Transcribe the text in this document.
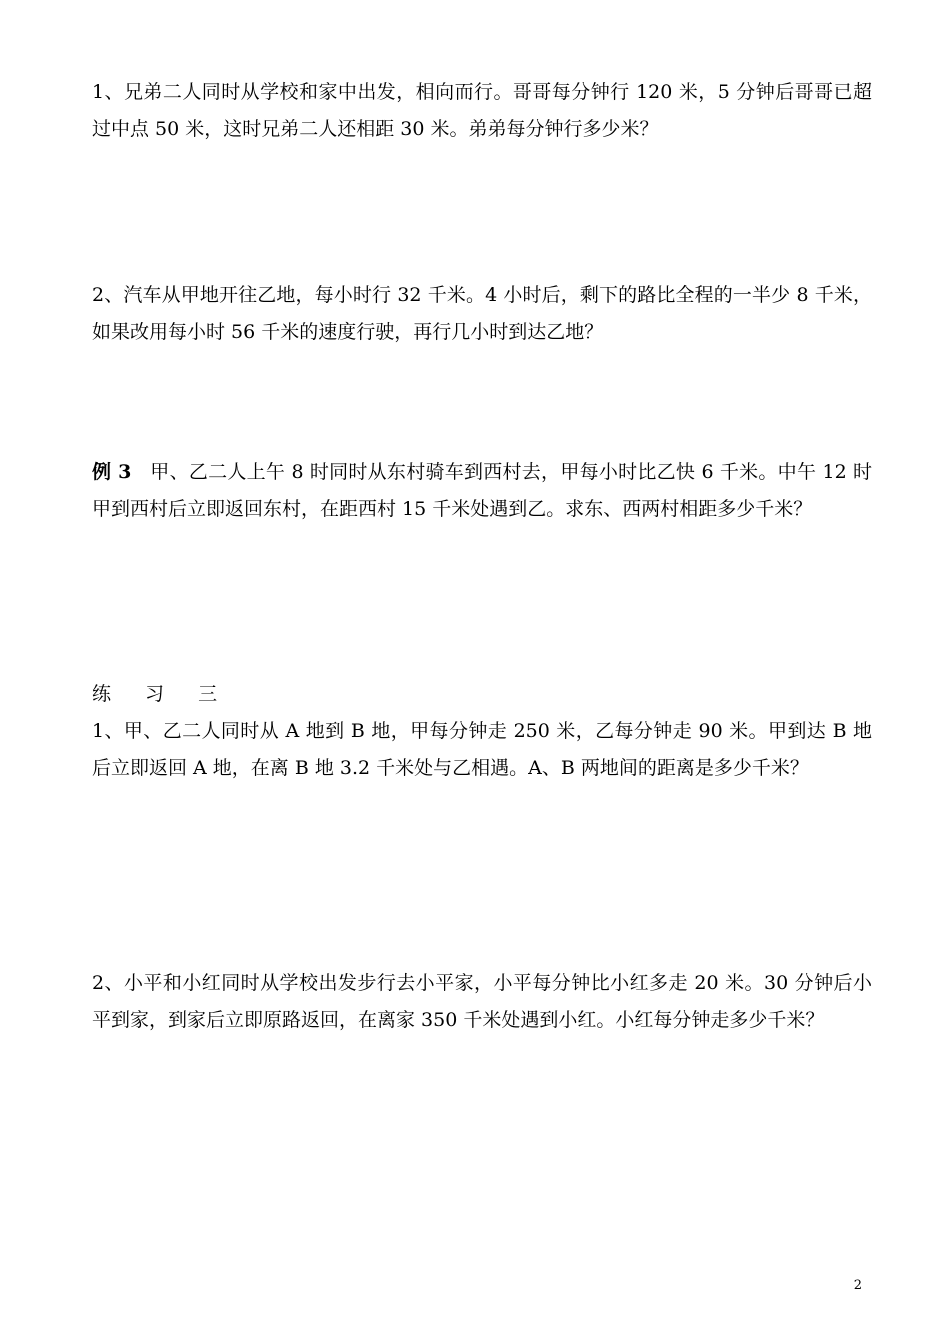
1、兄弟二人同时从学校和家中出发，相向而行。哥哥每分钟行 120 米，5 分钟后哥哥已超过中点 50 米，这时兄弟二人还相距 30 米。弟弟每分钟行多少米？

2、汽车从甲地开往乙地，每小时行 32 千米。4 小时后，剩下的路比全程的一半少 8 千米，如果改用每小时 56 千米的速度行驶，再行几小时到达乙地？

例 3 甲、乙二人上午 8 时同时从东村骑车到西村去，甲每小时比乙快 6 千米。中午 12 时甲到西村后立即返回东村，在距西村 15 千米处遇到乙。求东、西两村相距多少千米？

练 习 三

1、甲、乙二人同时从 A 地到 B 地，甲每分钟走 250 米，乙每分钟走 90 米。甲到达 B 地后立即返回 A 地，在离 B 地 3.2 千米处与乙相遇。A、B 两地间的距离是多少千米？

2、小平和小红同时从学校出发步行去小平家，小平每分钟比小红多走 20 米。30 分钟后小平到家，到家后立即原路返回，在离家 350 千米处遇到小红。小红每分钟走多少千米？

2
